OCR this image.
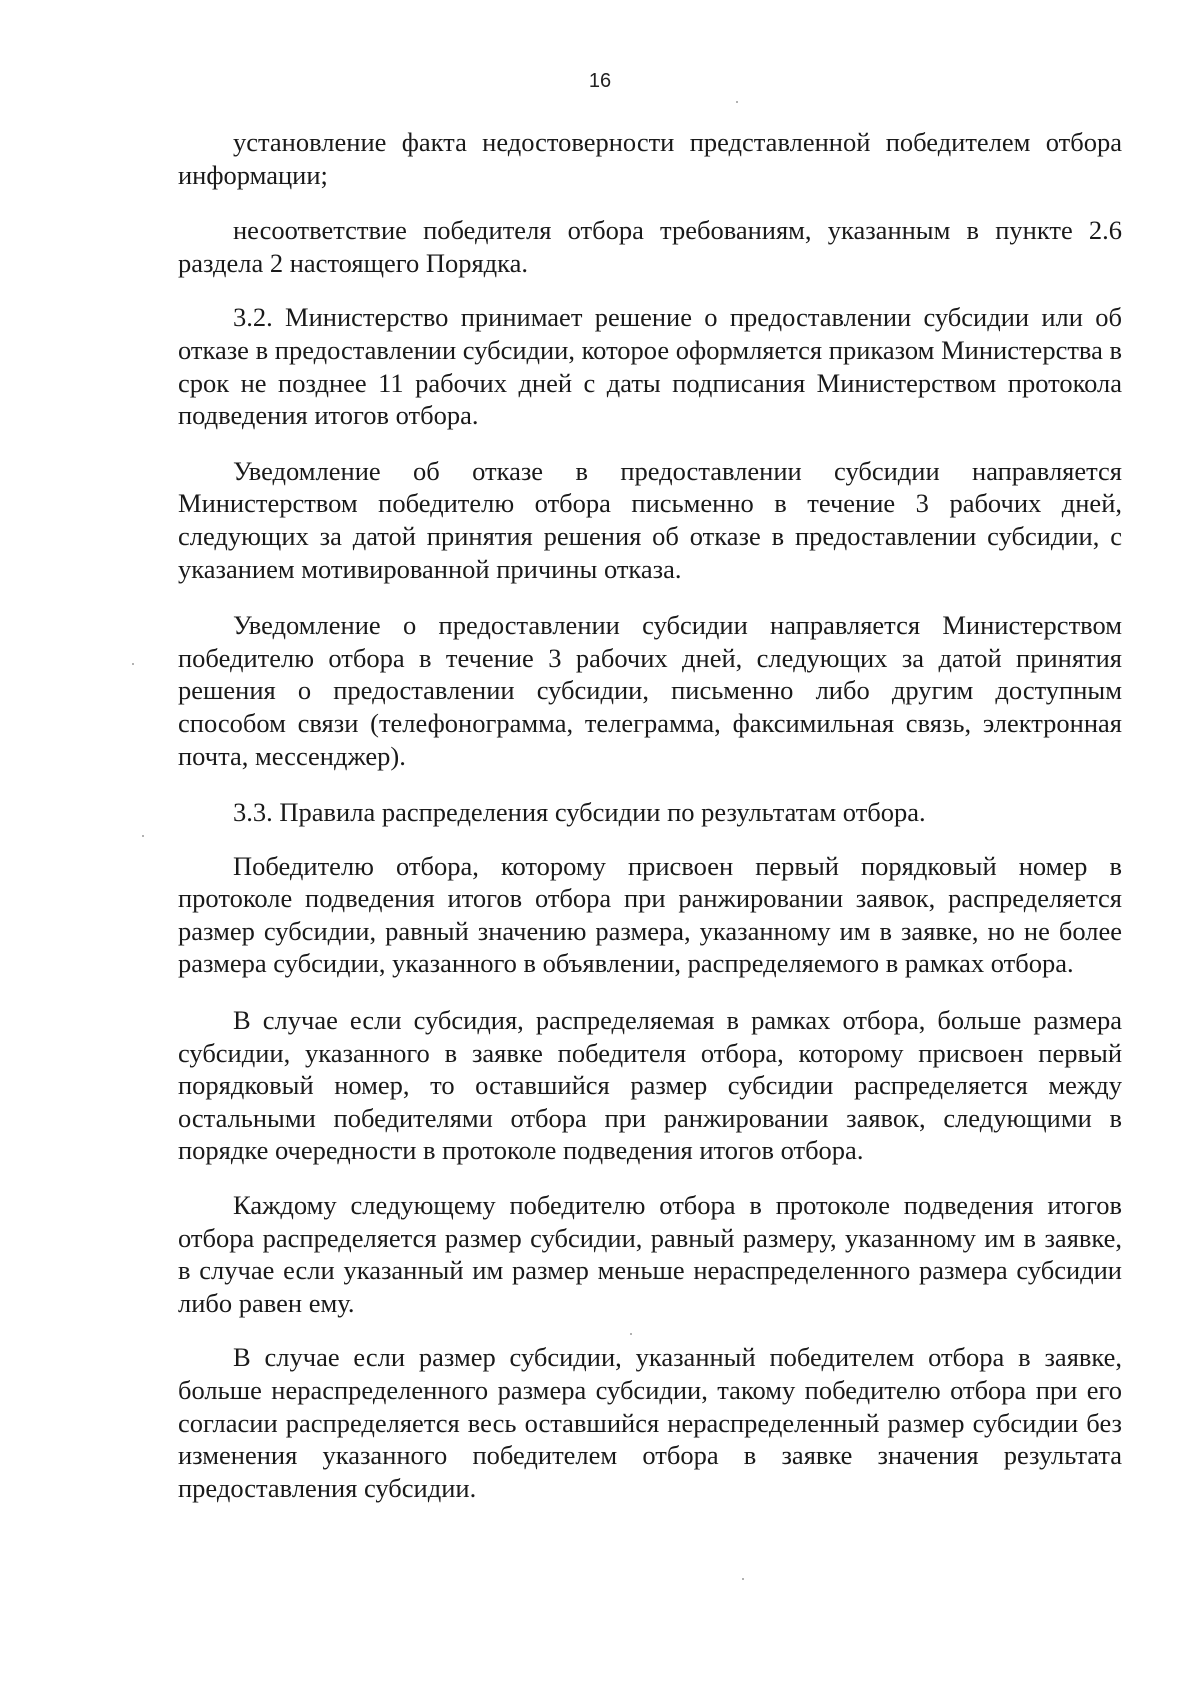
16

установление факта недостоверности представленной победителем отбора информации;

несоответствие победителя отбора требованиям, указанным в пункте 2.6 раздела 2 настоящего Порядка.

3.2. Министерство принимает решение о предоставлении субсидии или об отказе в предоставлении субсидии, которое оформляется приказом Министерства в срок не позднее 11 рабочих дней с даты подписания Министерством протокола подведения итогов отбора.

Уведомление об отказе в предоставлении субсидии направляется Министерством победителю отбора письменно в течение 3 рабочих дней, следующих за датой принятия решения об отказе в предоставлении субсидии, с указанием мотивированной причины отказа.

Уведомление о предоставлении субсидии направляется Министерством победителю отбора в течение 3 рабочих дней, следующих за датой принятия решения о предоставлении субсидии, письменно либо другим доступным способом связи (телефонограмма, телеграмма, факсимильная связь, электронная почта, мессенджер).

3.3. Правила распределения субсидии по результатам отбора.

Победителю отбора, которому присвоен первый порядковый номер в протоколе подведения итогов отбора при ранжировании заявок, распределяется размер субсидии, равный значению размера, указанному им в заявке, но не более размера субсидии, указанного в объявлении, распределяемого в рамках отбора.

В случае если субсидия, распределяемая в рамках отбора, больше размера субсидии, указанного в заявке победителя отбора, которому присвоен первый порядковый номер, то оставшийся размер субсидии распределяется между остальными победителями отбора при ранжировании заявок, следующими в порядке очередности в протоколе подведения итогов отбора.

Каждому следующему победителю отбора в протоколе подведения итогов отбора распределяется размер субсидии, равный размеру, указанному им в заявке, в случае если указанный им размер меньше нераспределенного размера субсидии либо равен ему.

В случае если размер субсидии, указанный победителем отбора в заявке, больше нераспределенного размера субсидии, такому победителю отбора при его согласии распределяется весь оставшийся нераспределенный размер субсидии без изменения указанного победителем отбора в заявке значения результата предоставления субсидии.
